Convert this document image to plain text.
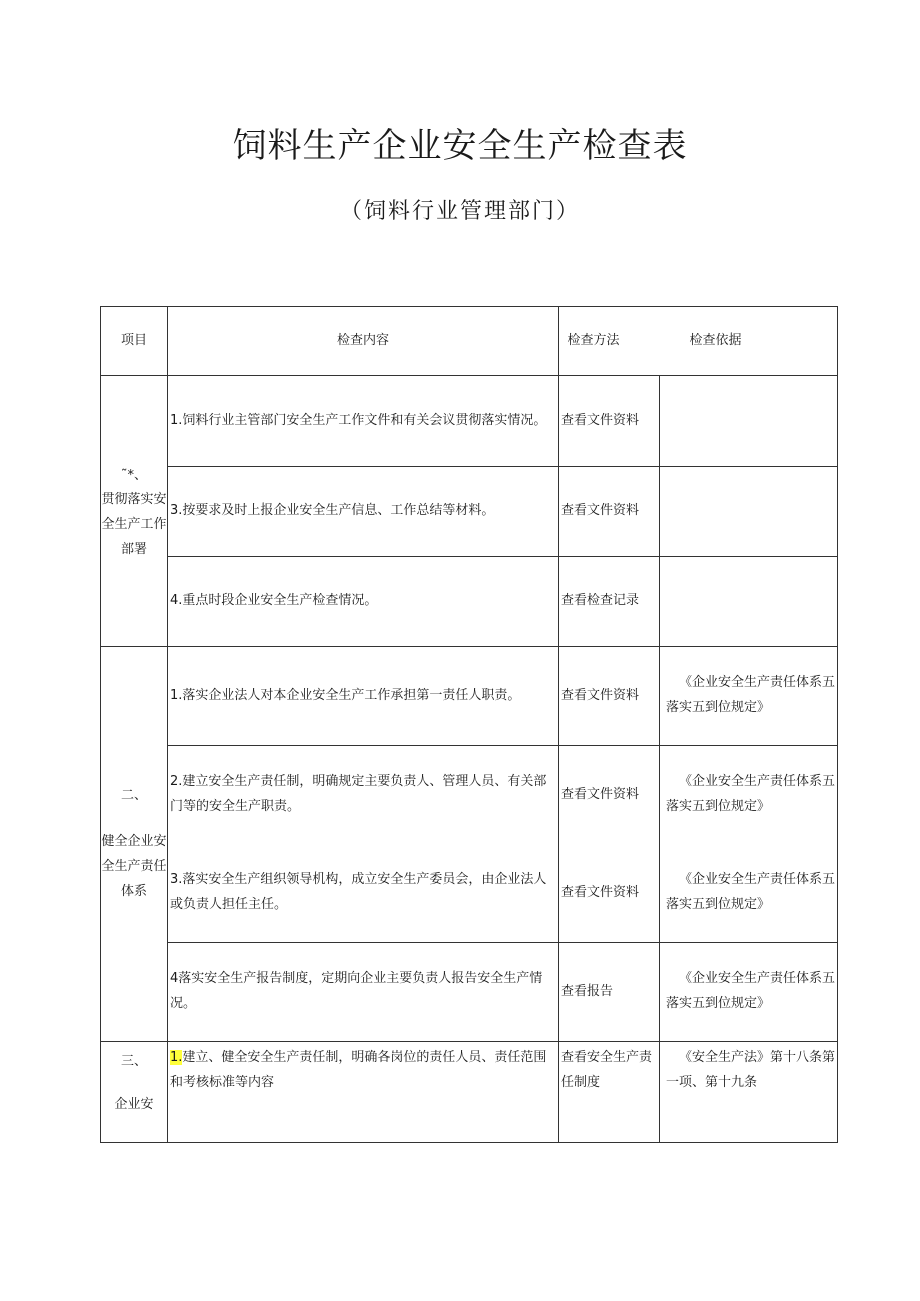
饲料生产企业安全生产检查表
（饲料行业管理部门）
项目	检查内容	检查方法	检查依据

˜*、
贯彻落实安全生产工作部署	1.饲料行业主管部门安全生产工作文件和有关会议贯彻落实情况。	查看文件资料	
	3.按要求及时上报企业安全生产信息、工作总结等材料。	查看文件资料	
	4.重点时段企业安全生产检查情况。	查看检查记录	

二、
健全企业安全生产责任体系	1.落实企业法人对本企业安全生产工作承担第一责任人职责。	查看文件资料	《企业安全生产责任体系五落实五到位规定》
	2.建立安全生产责任制，明确规定主要负责人、管理人员、有关部门等的安全生产职责。	查看文件资料	《企业安全生产责任体系五落实五到位规定》
	3.落实安全生产组织领导机构，成立安全生产委员会，由企业法人或负责人担任主任。	查看文件资料	《企业安全生产责任体系五落实五到位规定》
	4落实安全生产报告制度，定期向企业主要负责人报告安全生产情况。	查看报告	《企业安全生产责任体系五落实五到位规定》

三、
企业安	1.建立、健全安全生产责任制，明确各岗位的责任人员、责任范围和考核标准等内容	查看安全生产责任制度	《安全生产法》第十八条第一项、第十九条
